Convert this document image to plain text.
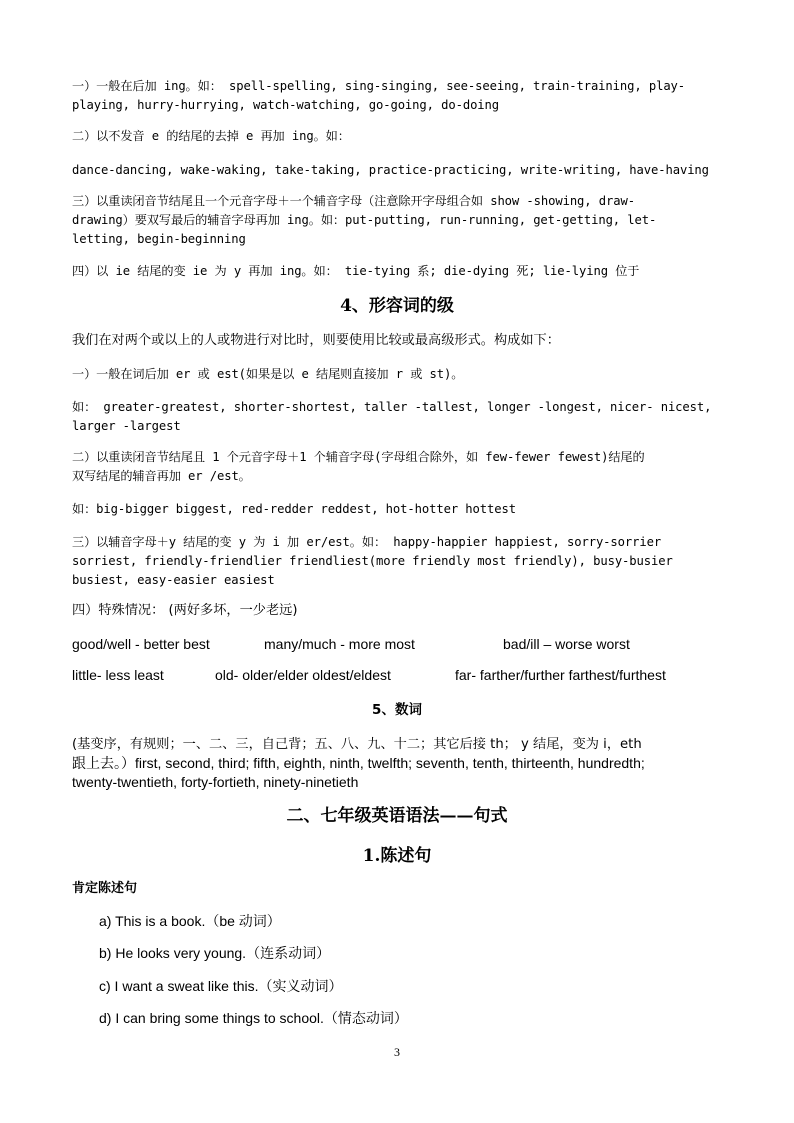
一）一般在后加 ing。如： spell-spelling, sing-singing, see-seeing, train-training, play-
playing, hurry-hurrying, watch-watching, go-going, do-doing
二）以不发音 e 的结尾的去掉 e 再加 ing。如：
dance-dancing, wake-waking, take-taking, practice-practicing, write-writing, have-having
三）以重读闭音节结尾且一个元音字母＋一个辅音字母（注意除开字母组合如 show -showing, draw-
drawing）要双写最后的辅音字母再加 ing。如：put-putting, run-running, get-getting, let-
letting, begin-beginning
四）以 ie 结尾的变 ie 为 y 再加 ing。如： tie-tying 系; die-dying 死; lie-lying 位于
4、形容词的级
我们在对两个或以上的人或物进行对比时，则要使用比较或最高级形式。构成如下：
一）一般在词后加 er 或 est(如果是以 e 结尾则直接加 r 或 st)。
如： greater-greatest, shorter-shortest, taller -tallest, longer -longest, nicer- nicest,
larger -largest
二）以重读闭音节结尾且 1 个元音字母＋1 个辅音字母(字母组合除外，如 few-fewer fewest)结尾的
双写结尾的辅音再加 er /est。
如：big-bigger biggest, red-redder reddest, hot-hotter hottest
三）以辅音字母＋y 结尾的变 y 为 i 加 er/est。如： happy-happier happiest, sorry-sorrier
sorriest, friendly-friendlier friendliest(more friendly most friendly), busy-busier
busiest, easy-easier easiest
四）特殊情况： (两好多坏，一少老远)
good/well - better best	many/much - more most	bad/ill – worse worst
little- less least	old- older/elder oldest/eldest	far- farther/further farthest/furthest
5、数词
(基变序，有规则；一、二、三，自己背；五、八、九、十二；其它后接 th； y 结尾，变为 i，eth
跟上去。）first, second, third; fifth, eighth, ninth, twelfth; seventh, tenth, thirteenth, hundredth;
twenty-twentieth, forty-fortieth, ninety-ninetieth
二、七年级英语语法——句式
1.陈述句
肯定陈述句
a) This is a book.（be 动词）
b) He looks very young.（连系动词）
c) I want a sweat like this.（实义动词）
d) I can bring some things to school.（情态动词）
3
